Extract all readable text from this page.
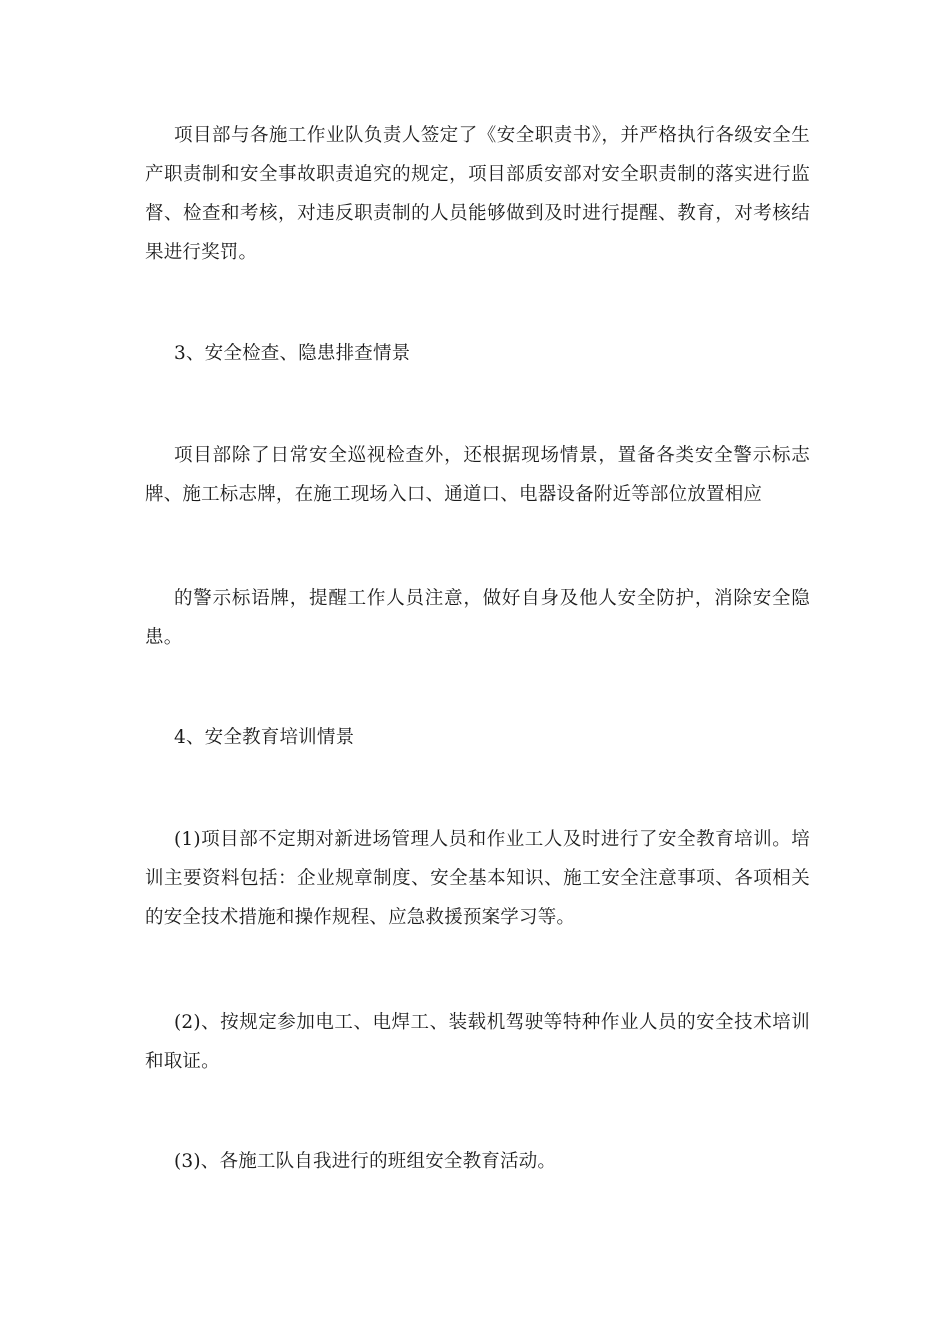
项目部与各施工作业队负责人签定了《安全职责书》，并严格执行各级安全生产职责制和安全事故职责追究的规定，项目部质安部对安全职责制的落实进行监督、检查和考核，对违反职责制的人员能够做到及时进行提醒、教育，对考核结果进行奖罚。

3、安全检查、隐患排查情景

项目部除了日常安全巡视检查外，还根据现场情景，置备各类安全警示标志牌、施工标志牌，在施工现场入口、通道口、电器设备附近等部位放置相应

的警示标语牌，提醒工作人员注意，做好自身及他人安全防护，消除安全隐患。

4、安全教育培训情景

(1)项目部不定期对新进场管理人员和作业工人及时进行了安全教育培训。培训主要资料包括：企业规章制度、安全基本知识、施工安全注意事项、各项相关的安全技术措施和操作规程、应急救援预案学习等。

(2)、按规定参加电工、电焊工、装载机驾驶等特种作业人员的安全技术培训和取证。

(3)、各施工队自我进行的班组安全教育活动。
